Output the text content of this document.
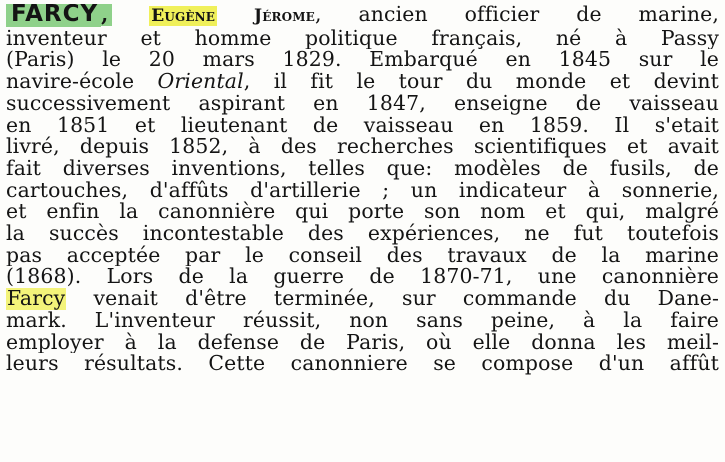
FARCY ,	Eugène Jérome, ancien officier de marine,
inventeur et homme politique français, né à Passy
(Paris) le 20 mars 1829. Embarqué en 1845 sur le
navire-école Oriental, il fit le tour du monde et devint
successivement aspirant en 1847, enseigne de vaisseau
en 1851 et lieutenant de vaisseau en 1859. Il s'etait
livré, depuis 1852, à des recherches scientifiques et avait
fait diverses inventions, telles que: modèles de fusils, de
cartouches, d'affûts d'artillerie ; un indicateur à sonnerie,
et enfin la canonnière qui porte son nom et qui, malgré
la succès incontestable des expériences, ne fut toutefois
pas acceptée par le conseil des travaux de la marine
(1868). Lors de la guerre de 1870-71, une canonnière
Farcy venait d'être terminée, sur commande du Dane-
mark. L'inventeur réussit, non sans peine, à la faire
employer à la defense de Paris, où elle donna les meil-
leurs résultats. Cette canonniere se compose d'un affût
